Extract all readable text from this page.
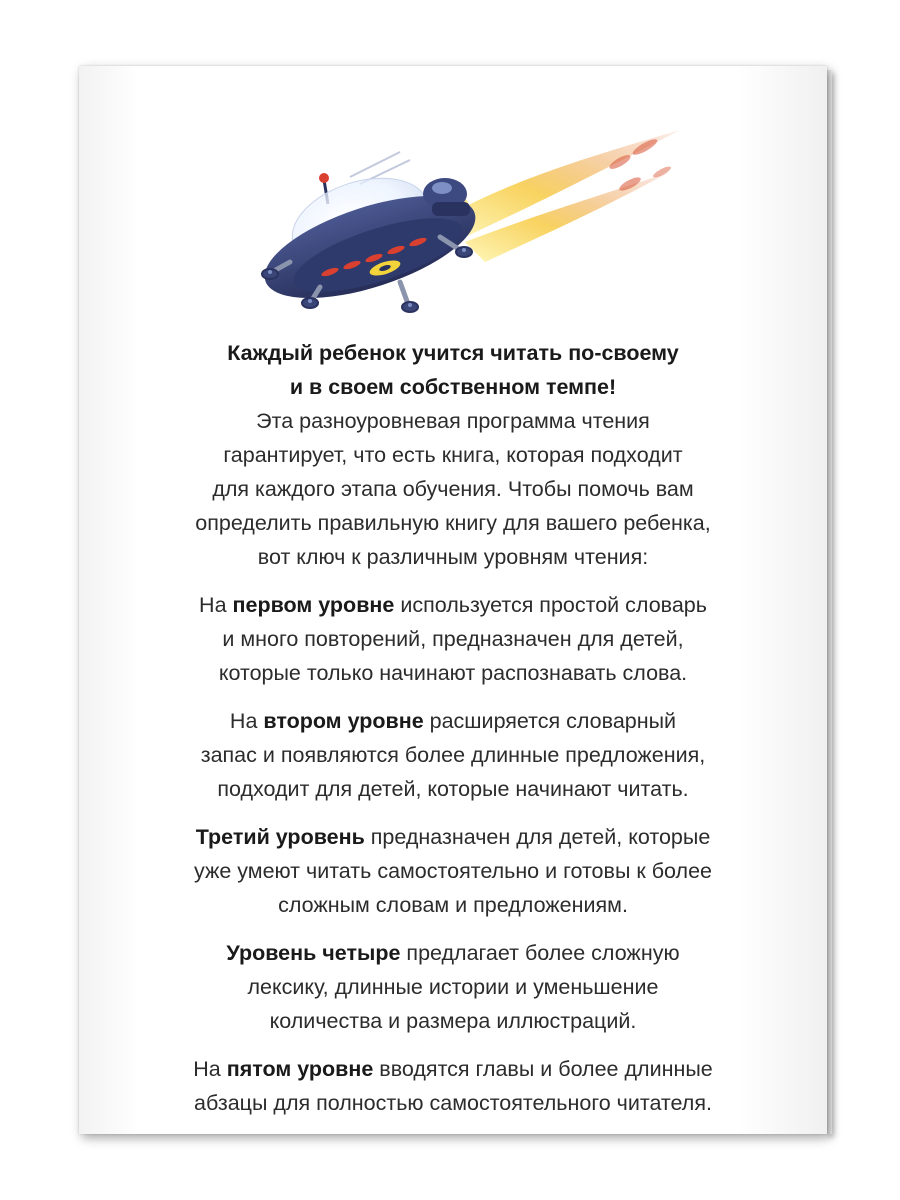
Каждый ребенок учится читать по-своему
и в своем собственном темпе!
Эта разноуровневая программа чтения
гарантирует, что есть книга, которая подходит
для каждого этапа обучения. Чтобы помочь вам
определить правильную книгу для вашего ребенка,
вот ключ к различным уровням чтения:

На первом уровне используется простой словарь
и много повторений, предназначен для детей,
которые только начинают распознавать слова.

На втором уровне расширяется словарный
запас и появляются более длинные предложения,
подходит для детей, которые начинают читать.

Третий уровень предназначен для детей, которые
уже умеют читать самостоятельно и готовы к более
сложным словам и предложениям.

Уровень четыре предлагает более сложную
лексику, длинные истории и уменьшение
количества и размера иллюстраций.

На пятом уровне вводятся главы и более длинные
абзацы для полностью самостоятельного читателя.
